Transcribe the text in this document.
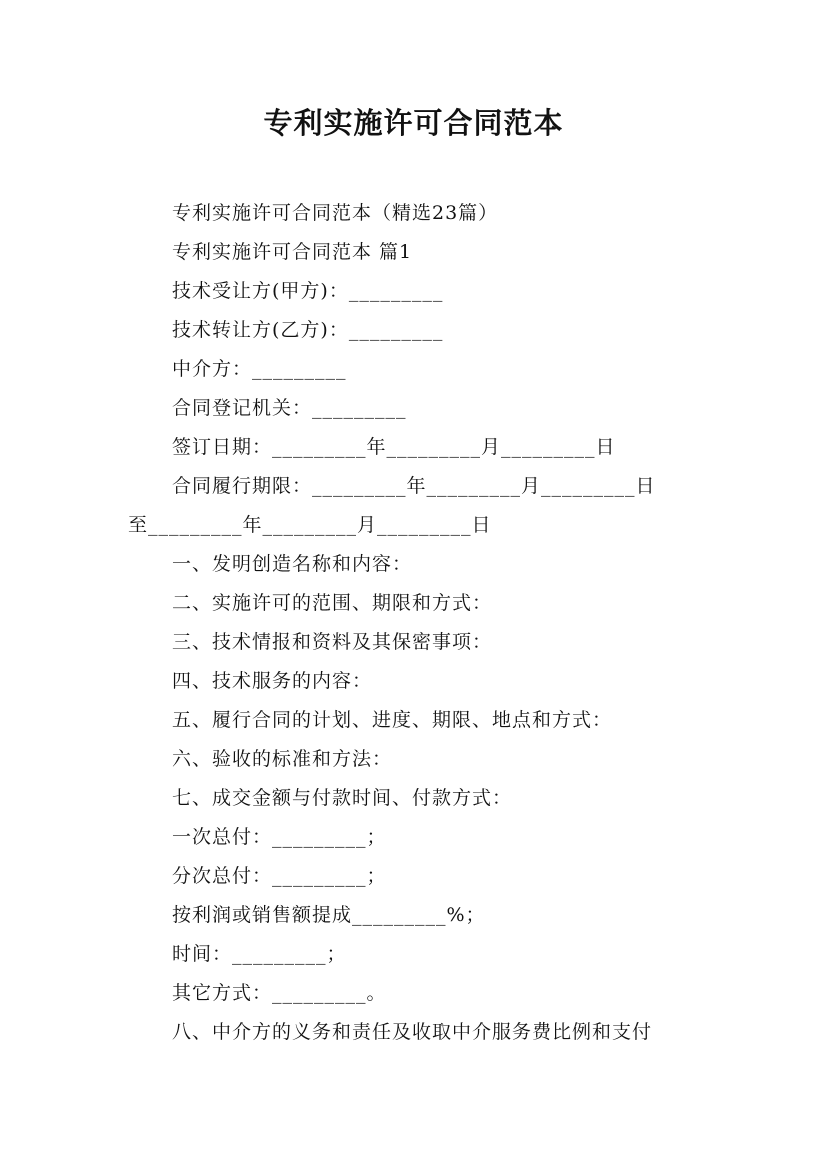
专利实施许可合同范本
专利实施许可合同范本（精选23篇）
专利实施许可合同范本 篇1
技术受让方(甲方)：_________
技术转让方(乙方)：_________
中介方：_________
合同登记机关：_________
签订日期：_________年_________月_________日
合同履行期限：_________年_________月_________日
至_________年_________月_________日
一、发明创造名称和内容：
二、实施许可的范围、期限和方式：
三、技术情报和资料及其保密事项：
四、技术服务的内容：
五、履行合同的计划、进度、期限、地点和方式：
六、验收的标准和方法：
七、成交金额与付款时间、付款方式：
一次总付：_________；
分次总付：_________；
按利润或销售额提成_________%；
时间：_________；
其它方式：_________。
八、中介方的义务和责任及收取中介服务费比例和支付
